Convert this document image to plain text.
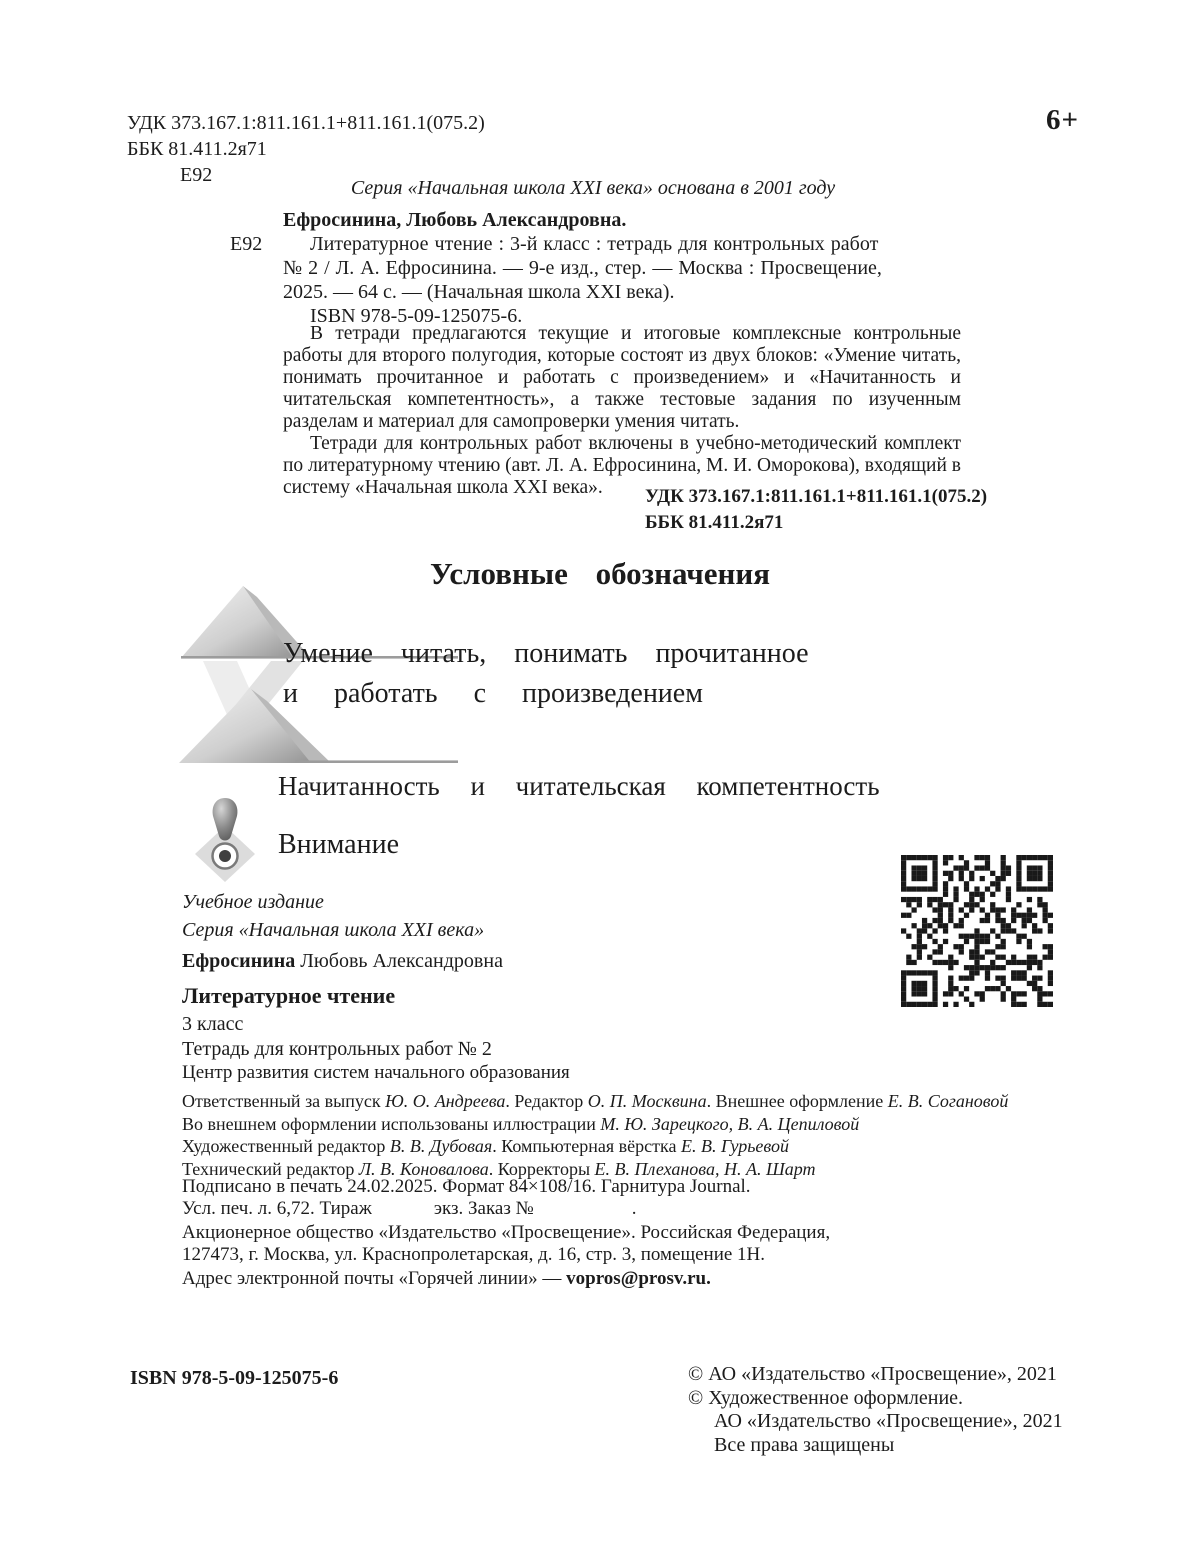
УДК 373.167.1:811.161.1+811.161.1(075.2)
ББК 81.411.2я71
Е92
6+
Серия «Начальная школа XXI века» основана в 2001 году
Ефросинина, Любовь Александровна.
Е92 Литературное чтение : 3-й класс : тетрадь для контрольных работ
№ 2 / Л. А. Ефросинина. — 9-е изд., стер. — Москва : Просвещение,
2025. — 64 с. — (Начальная школа XXI века).
ISBN 978-5-09-125075-6.

В тетради предлагаются текущие и итоговые комплексные контрольные работы для второго полугодия, которые состоят из двух блоков: «Умение читать, понимать прочитанное и работать с произведением» и «Начитанность и читательская компетентность», а также тестовые задания по изученным разделам и материал для самопроверки умения читать.

Тетради для контрольных работ включены в учебно-методический комплект по литературному чтению (авт. Л. А. Ефросинина, М. И. Оморокова), входящий в систему «Начальная школа XXI века».	УДК 373.167.1:811.161.1+811.161.1(075.2)
ББК 81.411.2я71
Условные обозначения
Умение читать, понимать прочитанное
и работать с произведением
Начитанность и читательская компетентность
Внимание
Учебное издание
Серия «Начальная школа XXI века»
Ефросинина Любовь Александровна
Литературное чтение
3 класс
Тетрадь для контрольных работ № 2
Центр развития систем начального образования
Ответственный за выпуск Ю. О. Андреева. Редактор О. П. Москвина. Внешнее оформление Е. В. Согановой
Во внешнем оформлении использованы иллюстрации М. Ю. Зарецкого, В. А. Цепиловой
Художественный редактор В. В. Дубовая. Компьютерная вёрстка Е. В. Гурьевой
Технический редактор Л. В. Коновалова. Корректоры Е. В. Плеханова, Н. А. Шарт
Подписано в печать 24.02.2025. Формат 84×108/16. Гарнитура Journal.
Усл. печ. л. 6,72. Тираж	экз. Заказ №	.
Акционерное общество «Издательство «Просвещение». Российская Федерация,
127473, г. Москва, ул. Краснопролетарская, д. 16, стр. 3, помещение 1Н.
Адрес электронной почты «Горячей линии» — vopros@prosv.ru.
ISBN 978-5-09-125075-6	© АО «Издательство «Просвещение», 2021
© Художественное оформление.
АО «Издательство «Просвещение», 2021
Все права защищены
